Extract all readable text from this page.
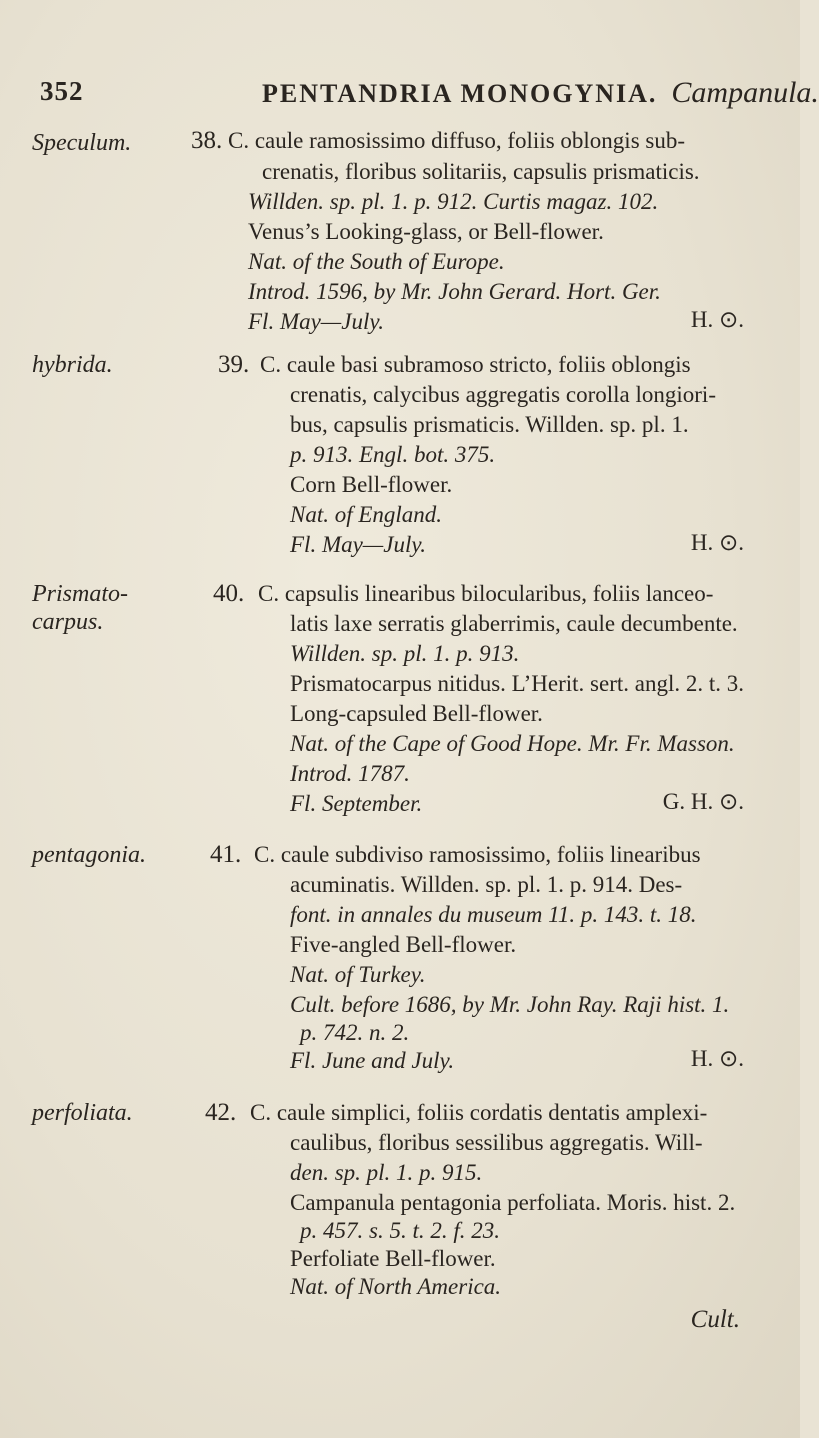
352	PENTANDRIA MONOGYNIA. Campanula.
Speculum. 38. C. caule ramosissimo diffuso, foliis oblongis sub-
crenatis, floribus solitariis, capsulis prismaticis.
Willden. sp. pl. 1. p. 912. Curtis magaz. 102.
Venus’s Looking-glass, or Bell-flower.
Nat. of the South of Europe.
Introd. 1596, by Mr. John Gerard. Hort. Ger.
Fl. May—July.	H. ⊙.
hybrida.	39. C. caule basi subramoso stricto, foliis oblongis
crenatis, calycibus aggregatis corolla longiori-
bus, capsulis prismaticis. Willden. sp. pl. 1.
p. 913. Engl. bot. 375.
Corn Bell-flower.
Nat. of England.
Fl. May—July.	H. ⊙.
Prismato-
carpus.
40. C. capsulis linearibus bilocularibus, foliis lanceo-
latis laxe serratis glaberrimis, caule decumbente.
Willden. sp. pl. 1. p. 913.
Prismatocarpus nitidus. L’Herit. sert. angl. 2. t. 3.
Long-capsuled Bell-flower.
Nat. of the Cape of Good Hope. Mr. Fr. Masson.
Introd. 1787.
Fl. September.	G. H. ⊙.
pentagonia.	41. C. caule subdiviso ramosissimo, foliis linearibus
acuminatis. Willden. sp. pl. 1. p. 914. Des-
font. in annales du museum 11. p. 143. t. 18.
Five-angled Bell-flower.
Nat. of Turkey.
Cult. before 1686, by Mr. John Ray. Raji hist. 1.
p. 742. n. 2.
Fl. June and July.	H. ⊙.
perfoliata.	42. C. caule simplici, foliis cordatis dentatis amplexi-
caulibus, floribus sessilibus aggregatis. Will-
den. sp. pl. 1. p. 915.
Campanula pentagonia perfoliata. Moris. hist. 2.
p. 457. s. 5. t. 2. f. 23.
Perfoliate Bell-flower.
Nat. of North America.
Cult.
